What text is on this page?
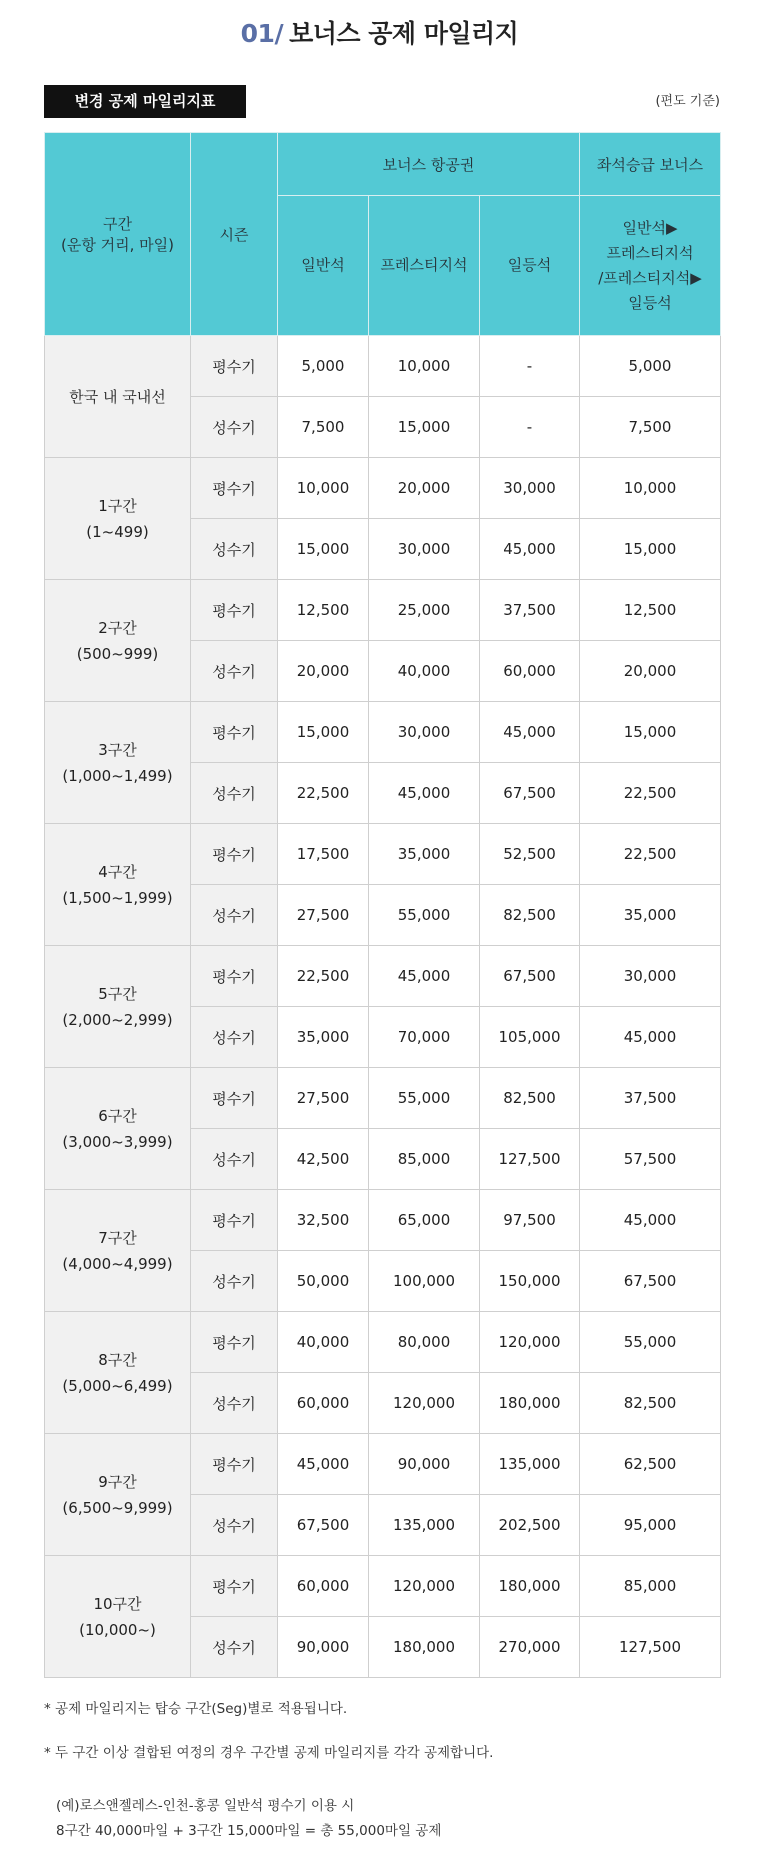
01/ 보너스 공제 마일리지
변경 공제 마일리지표	(편도 기준)
구간
(운항 거리, 마일)	시즌	보너스 항공권			좌석승급 보너스
		일반석	프레스티지석	일등석	일반석▶
프레스티지석
/프레스티지석▶
일등석

한국 내 국내선	평수기	5,000	10,000	-	5,000
	성수기	7,500	15,000	-	7,500

1구간
(1~499)	평수기	10,000	20,000	30,000	10,000
	성수기	15,000	30,000	45,000	15,000

2구간
(500~999)	평수기	12,500	25,000	37,500	12,500
	성수기	20,000	40,000	60,000	20,000

3구간
(1,000~1,499)	평수기	15,000	30,000	45,000	15,000
	성수기	22,500	45,000	67,500	22,500

4구간
(1,500~1,999)	평수기	17,500	35,000	52,500	22,500
	성수기	27,500	55,000	82,500	35,000

5구간
(2,000~2,999)	평수기	22,500	45,000	67,500	30,000
	성수기	35,000	70,000	105,000	45,000

6구간
(3,000~3,999)	평수기	27,500	55,000	82,500	37,500
	성수기	42,500	85,000	127,500	57,500

7구간
(4,000~4,999)	평수기	32,500	65,000	97,500	45,000
	성수기	50,000	100,000	150,000	67,500

8구간
(5,000~6,499)	평수기	40,000	80,000	120,000	55,000
	성수기	60,000	120,000	180,000	82,500

9구간
(6,500~9,999)	평수기	45,000	90,000	135,000	62,500
	성수기	67,500	135,000	202,500	95,000

10구간
(10,000~)	평수기	60,000	120,000	180,000	85,000
	성수기	90,000	180,000	270,000	127,500

* 공제 마일리지는 탑승 구간(Seg)별로 적용됩니다.

* 두 구간 이상 결합된 여정의 경우 구간별 공제 마일리지를 각각 공제합니다.

(예)로스앤젤레스-인천-홍콩 일반석 평수기 이용 시

8구간 40,000마일 + 3구간 15,000마일 = 총 55,000마일 공제
